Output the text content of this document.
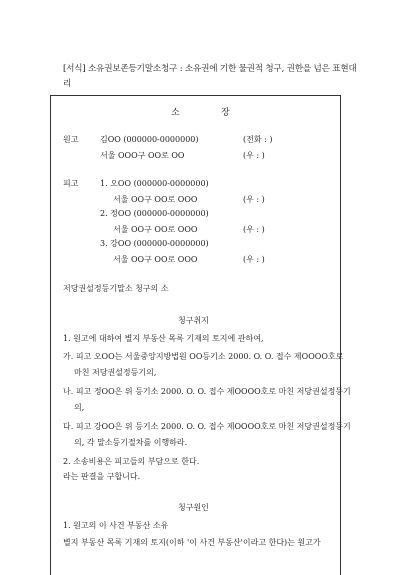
[서식] 소유권보존등기말소청구 : 소유권에 기한 물권적 청구, 권한을 넘은 표현대리
소	장
원고	김OO (000000-0000000)	(전화 : )
서울 OOO구 OO로 OO	(우 : )
피고	1. 오OO (000000-0000000)
서울 OO구 OO로 OOO	(우 : )
2. 정OO (000000-0000000)
서울 OO구 OO로 OOO	(우 : )
3. 강OO (000000-0000000)
서울 OO구 OO로 OOO	(우 : )
저당권설정등기말소 청구의 소
청구취지
1. 원고에 대하여 별지 부동산 목록 기재의 토지에 관하여,
가. 피고 오OO는 서울중앙지방법원 OO등기소 2000. O. O. 접수 제OOOO호로
마친 저당권설정등기의,
나. 피고 정OO은 위 등기소 2000. O. O. 접수 제OOOO호로 마친 저당권설정등기
의,
다. 피고 강OO은 위 등기소 2000. O. O. 접수 제OOOO호로 마친 저당권설정등기
의, 각 말소등기절차를 이행하라.
2. 소송비용은 피고들의 부담으로 한다.
라는 판결을 구합니다.
청구원인
1. 원고의 이 사건 부동산 소유
별지 부동산 목록 기재의 토지(이하 '이 사건 부동산'이라고 한다)는 원고가
